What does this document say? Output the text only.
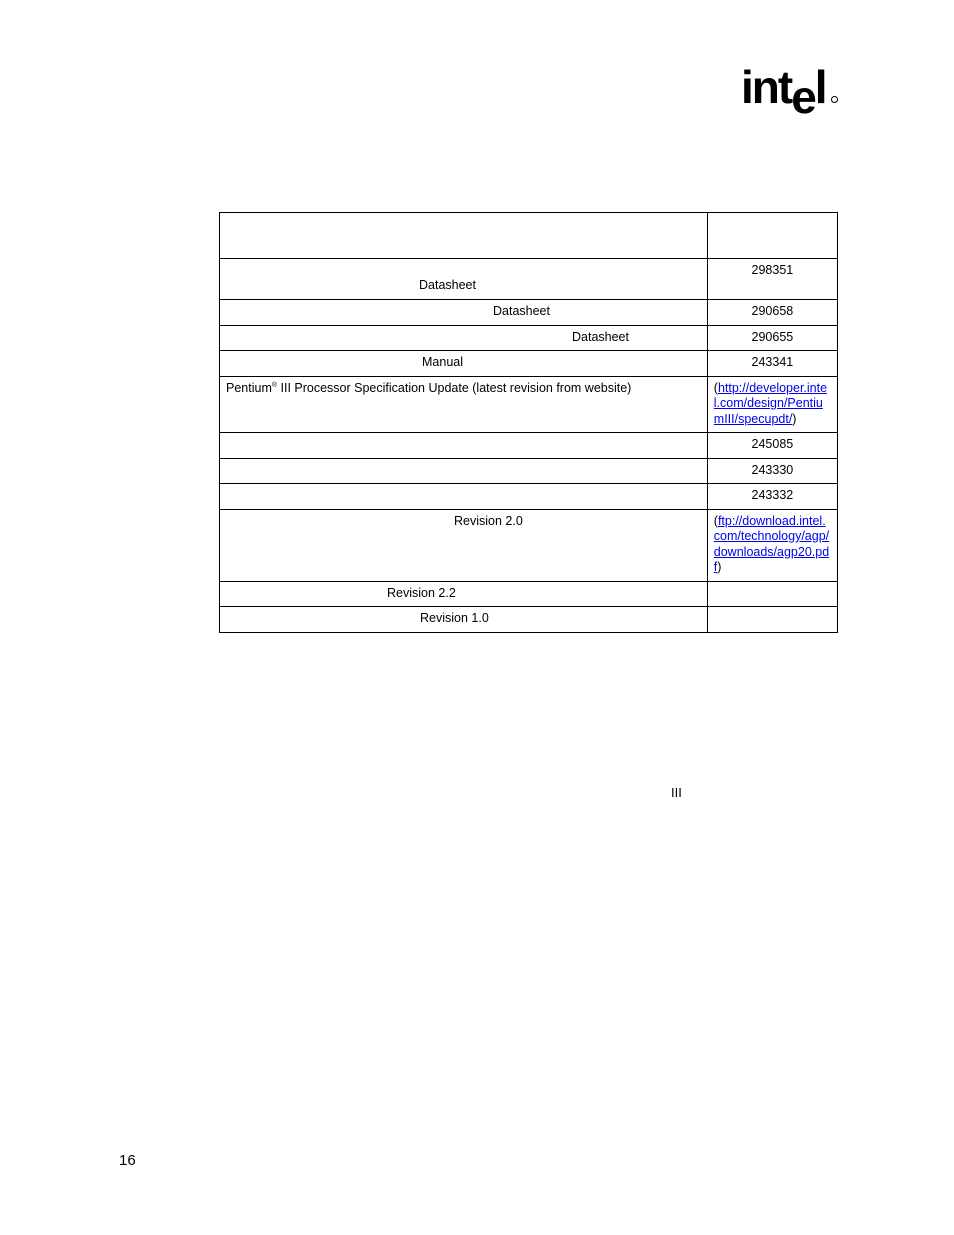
intel

Datasheet	298351
Datasheet	290658
Datasheet	290655
Manual	243341
Pentium® III Processor Specification Update (latest revision from website)	(http://developer.intel.com/design/PentiumIII/specupdt/)
	245085
	243330
	243332
Revision 2.0	(ftp://download.intel.com/technology/agp/downloads/agp20.pdf)
Revision 2.2	
Revision 1.0	
III
16
